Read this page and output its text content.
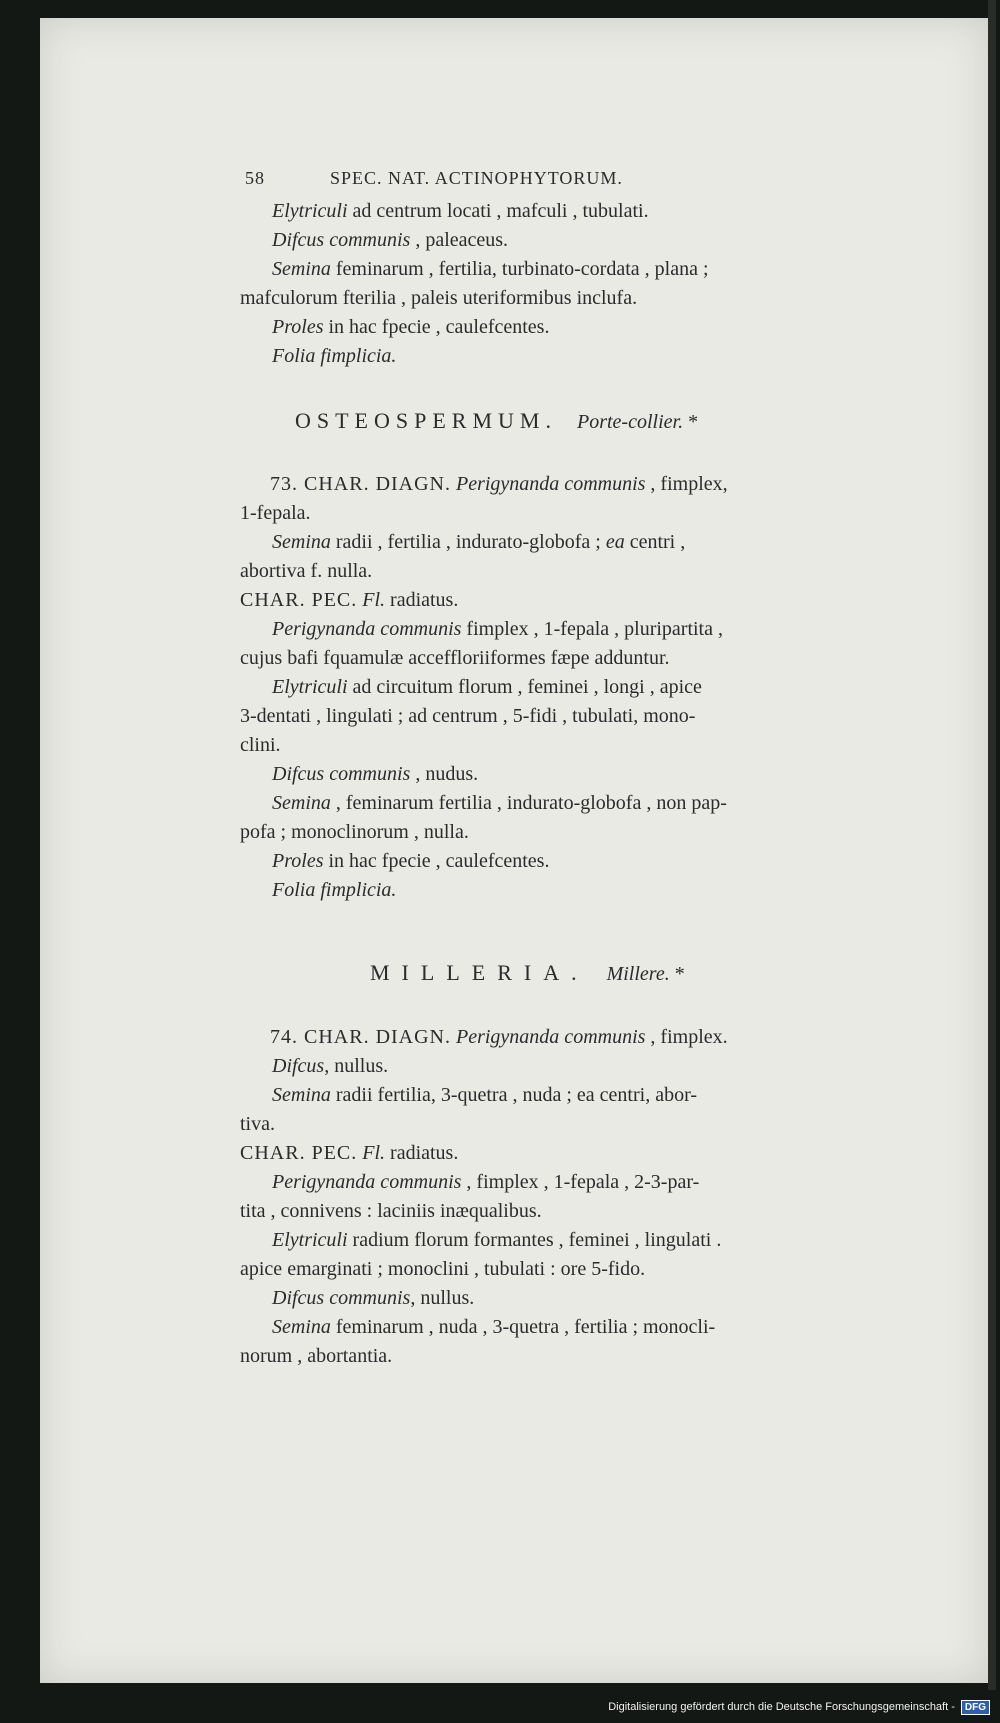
58	SPEC. NAT. ACTINOPHYTORUM.
Elytriculi ad centrum locati , mafculi , tubulati.
Difcus communis , paleaceus.
Semina feminarum , fertilia, turbinato-cordata , plana ;
mafculorum fterilia , paleis uteriformibus inclufa.
Proles in hac fpecie , caulefcentes.
Folia fimplicia.
OSTEOSPERMUM. Porte-collier. *
73. CHAR. DIAGN. Perigynanda communis , fimplex,
1-fepala.
Semina radii , fertilia , indurato-globofa ; ea centri ,
abortiva f. nulla.
CHAR. PEC. Fl. radiatus.
Perigynanda communis fimplex , 1-fepala , pluripartita ,
cujus bafi fquamulæ acceffloriiformes fæpe adduntur.
Elytriculi ad circuitum florum , feminei , longi , apice
3-dentati , lingulati ; ad centrum , 5-fidi , tubulati, mono-
clini.
Difcus communis , nudus.
Semina , feminarum fertilia , indurato-globofa , non pap-
pofa ; monoclinorum , nulla.
Proles in hac fpecie , caulefcentes.
Folia fimplicia.
MILLERIA. Millere. *
74. CHAR. DIAGN. Perigynanda communis , fimplex.
Difcus, nullus.
Semina radii fertilia, 3-quetra , nuda ; ea centri, abor-
tiva.
CHAR. PEC. Fl. radiatus.
Perigynanda communis , fimplex , 1-fepala , 2-3-par-
tita , connivens : laciniis inæqualibus.
Elytriculi radium florum formantes , feminei , lingulati .
apice emarginati ; monoclini , tubulati : ore 5-fido.
Difcus communis, nullus.
Semina feminarum , nuda , 3-quetra , fertilia ; monocli-
norum , abortantia.
Digitalisierung gefördert durch die Deutsche Forschungsgemeinschaft -	DFG
